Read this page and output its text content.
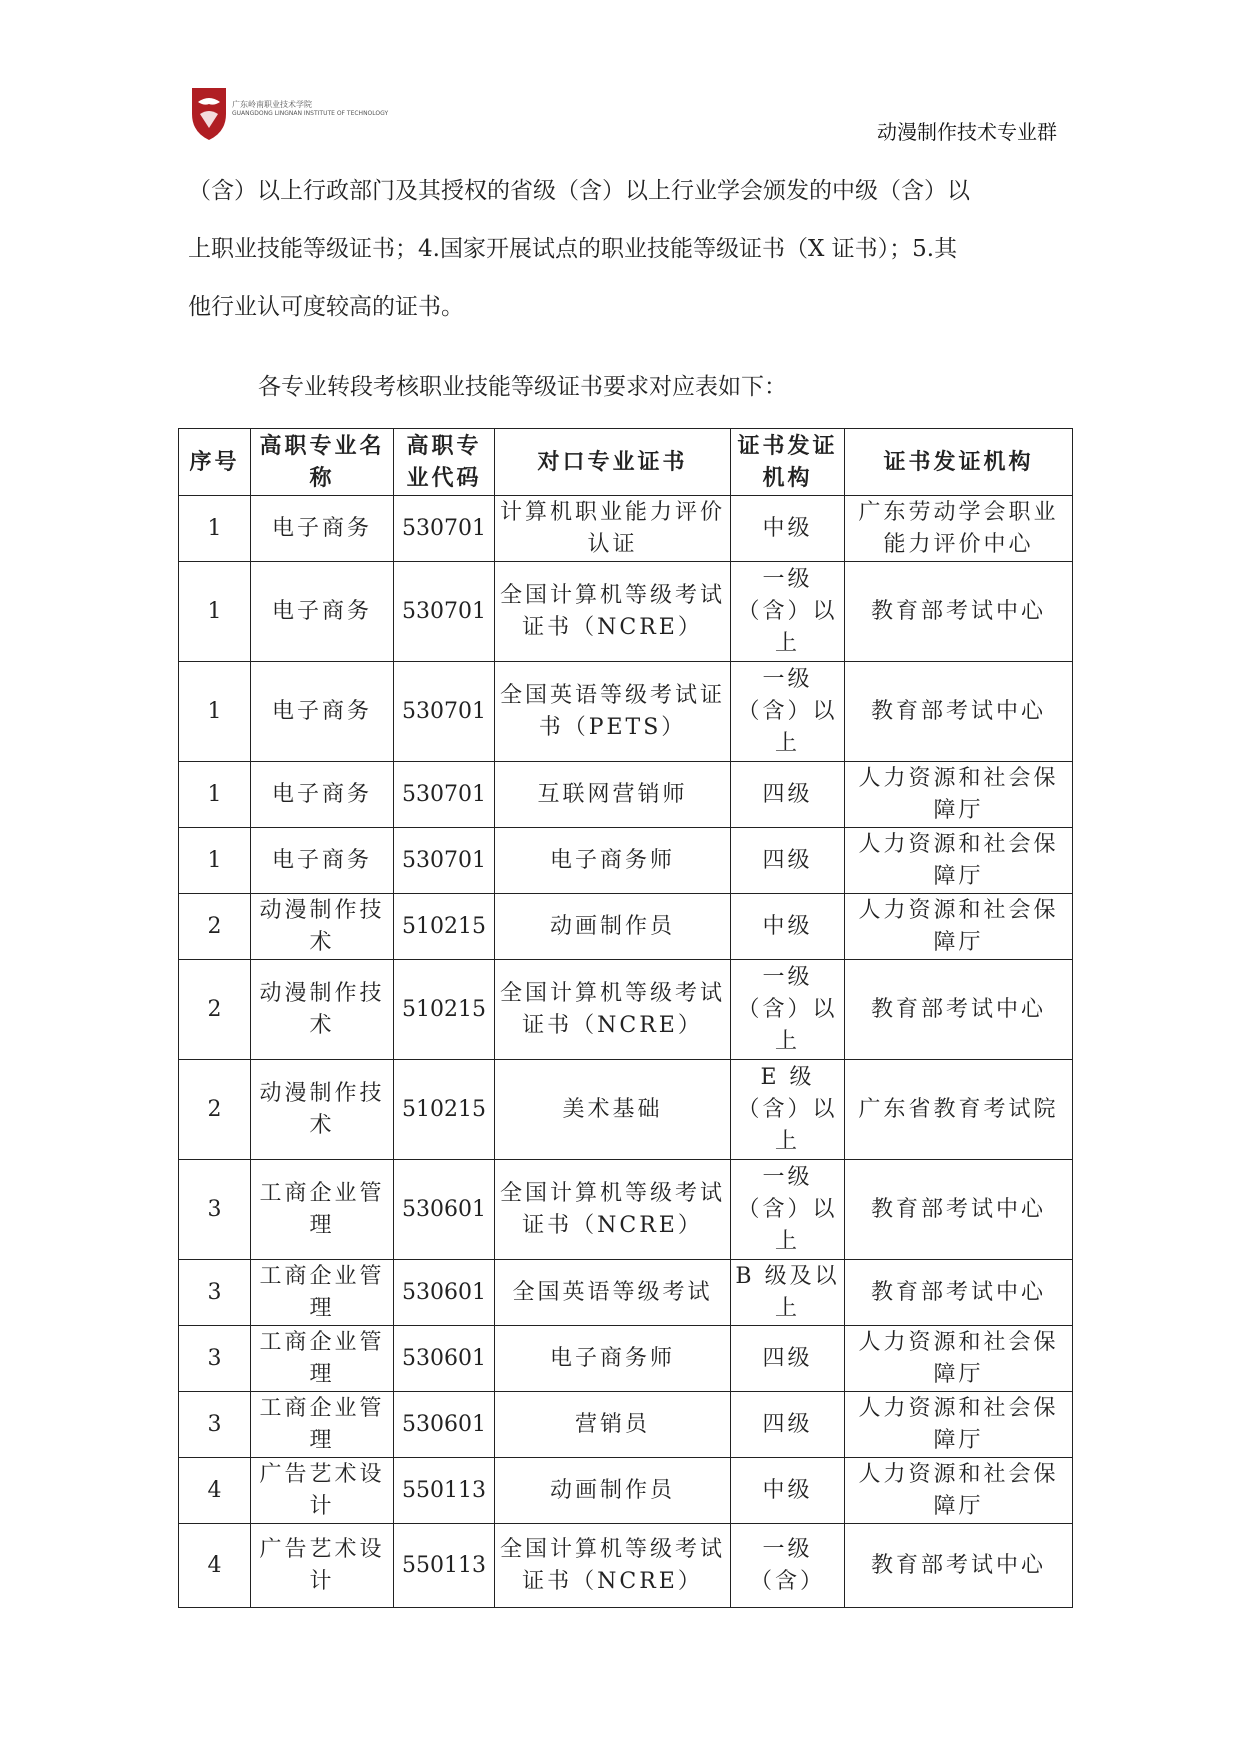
广东岭南职业技术学院
GUANGDONG LINGNAN INSTITUTE OF TECHNOLOGY
动漫制作技术专业群
（含）以上行政部门及其授权的省级（含）以上行业学会颁发的中级（含）以
上职业技能等级证书；4.国家开展试点的职业技能等级证书（X 证书）；5.其
他行业认可度较高的证书。
各专业转段考核职业技能等级证书要求对应表如下：
序号	高职专业名称	高职专业代码	对口专业证书	证书发证机构	证书发证机构
1	电子商务	530701	计算机职业能力评价认证	中级	广东劳动学会职业能力评价中心
1	电子商务	530701	全国计算机等级考试证书（NCRE）	一级（含）以上	教育部考试中心
1	电子商务	530701	全国英语等级考试证书（PETS）	一级（含）以上	教育部考试中心
1	电子商务	530701	互联网营销师	四级	人力资源和社会保障厅
1	电子商务	530701	电子商务师	四级	人力资源和社会保障厅
2	动漫制作技术	510215	动画制作员	中级	人力资源和社会保障厅
2	动漫制作技术	510215	全国计算机等级考试证书（NCRE）	一级（含）以上	教育部考试中心
2	动漫制作技术	510215	美术基础	E 级（含）以上	广东省教育考试院
3	工商企业管理	530601	全国计算机等级考试证书（NCRE）	一级（含）以上	教育部考试中心
3	工商企业管理	530601	全国英语等级考试	B 级及以上	教育部考试中心
3	工商企业管理	530601	电子商务师	四级	人力资源和社会保障厅
3	工商企业管理	530601	营销员	四级	人力资源和社会保障厅
4	广告艺术设计	550113	动画制作员	中级	人力资源和社会保障厅
4	广告艺术设计	550113	全国计算机等级考试证书（NCRE）	一级（含）	教育部考试中心
